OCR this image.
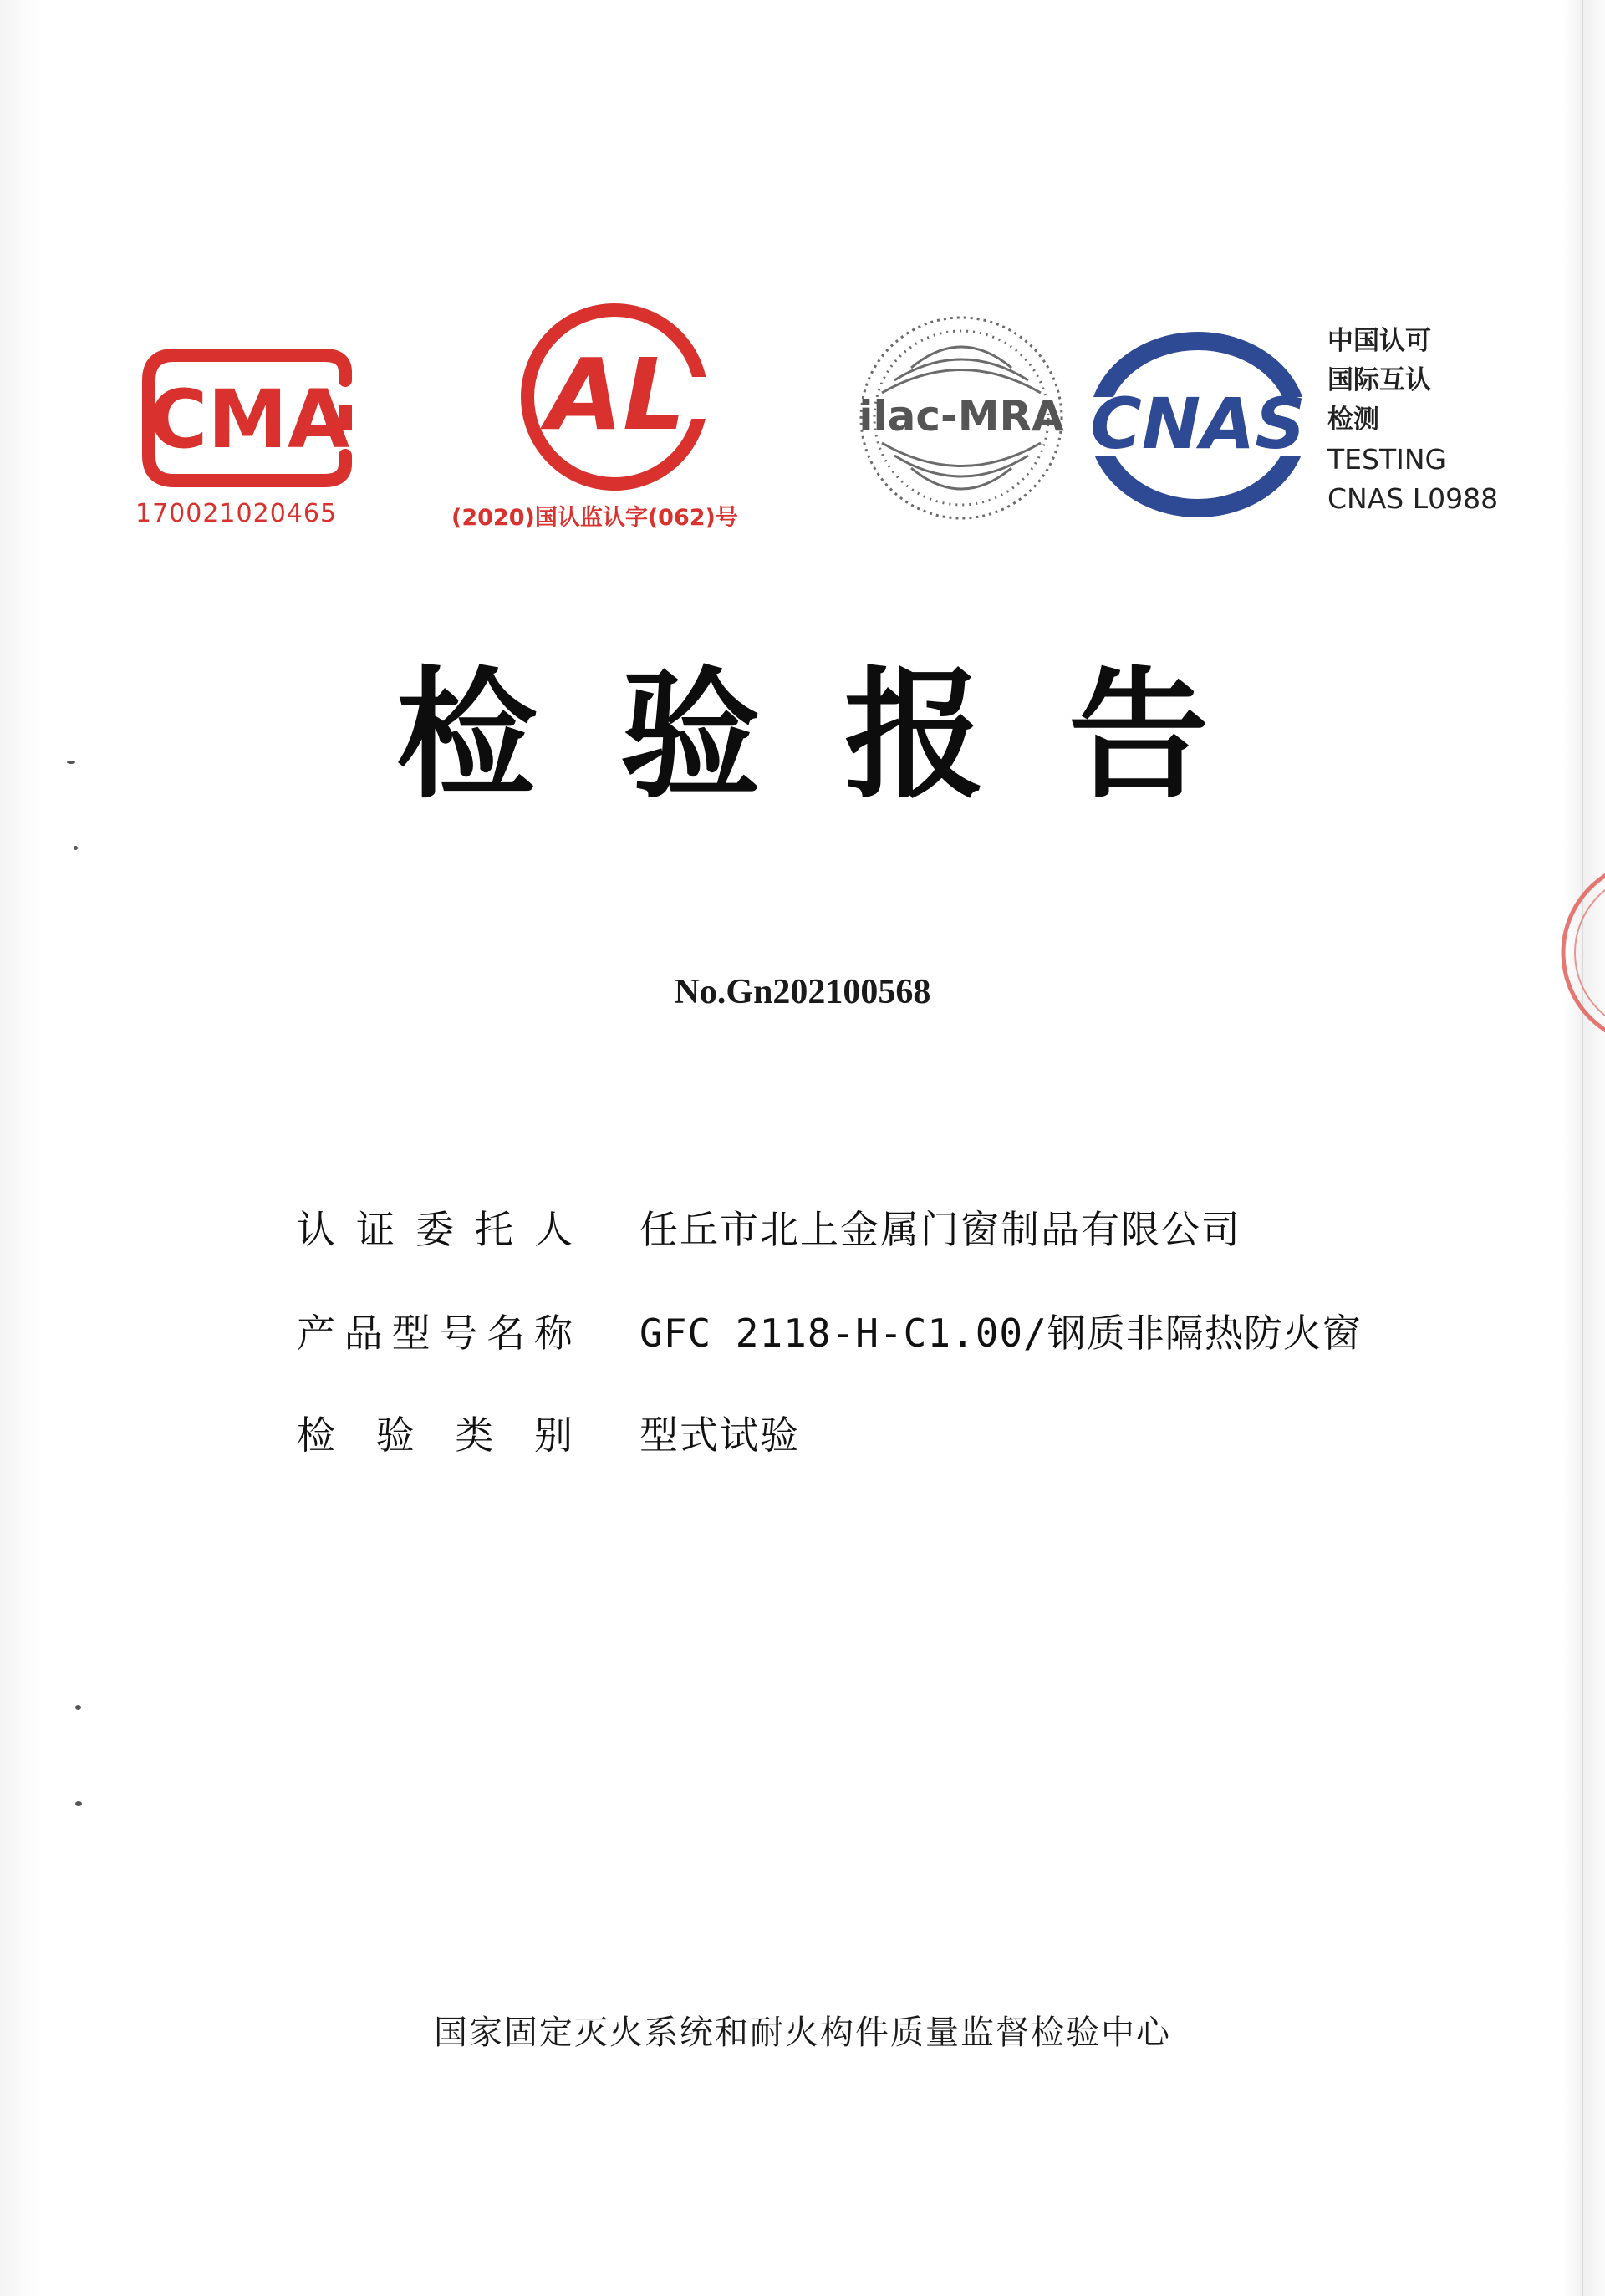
CMA
170021020465
AL
(2020)国认监认字(062)号
ilac-MRA CNAS
中国认可
国际互认
检测
TESTING
CNAS L0988
检验报告
No.Gn202100568
认 证 委 托 人 任丘市北上金属门窗制品有限公司
产 品 型 号 名 称 GFC 2118-H-C1.00/钢质非隔热防火窗
检 验 类 别 型式试验
国家固定灭火系统和耐火构件质量监督检验中心
